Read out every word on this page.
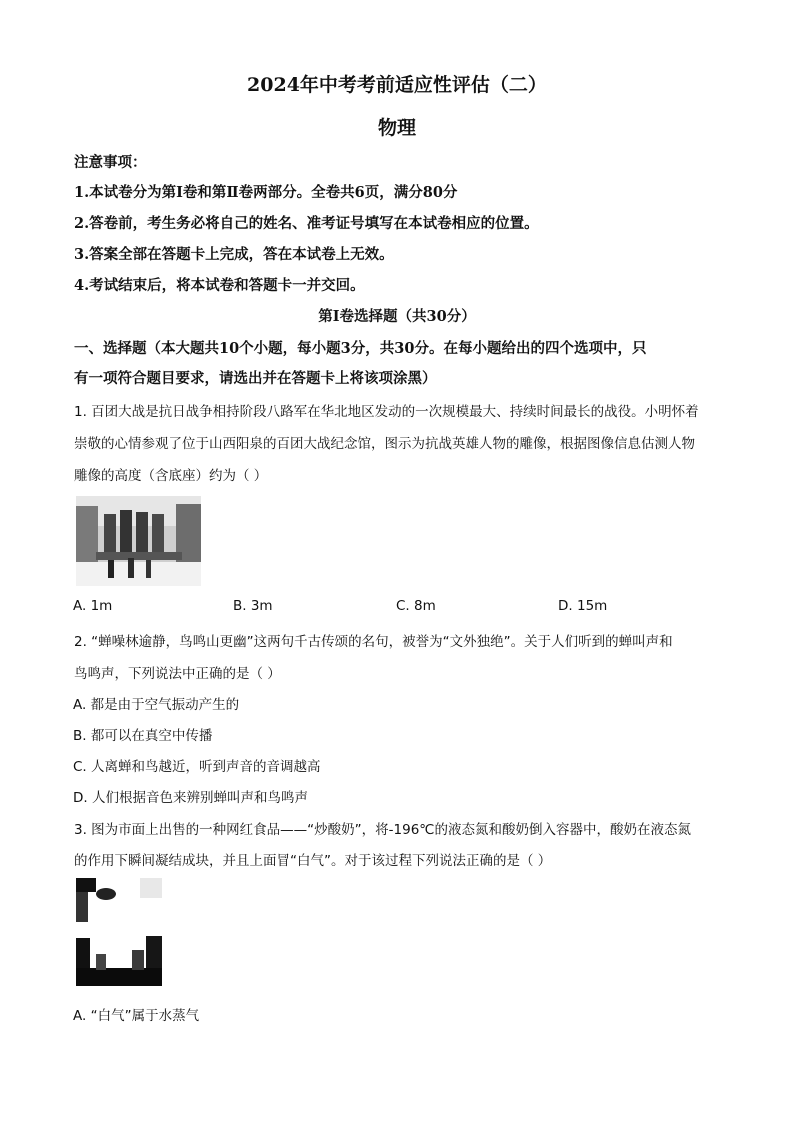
2024年中考考前适应性评估（二）
物理
注意事项：
1.本试卷分为第Ⅰ卷和第Ⅱ卷两部分。全卷共6页，满分80分
2.答卷前，考生务必将自己的姓名、准考证号填写在本试卷相应的位置。
3.答案全部在答题卡上完成，答在本试卷上无效。
4.考试结束后，将本试卷和答题卡一并交回。
第Ⅰ卷选择题（共30分）
一、选择题（本大题共10个小题，每小题3分，共30分。在每小题给出的四个选项中，只
有一项符合题目要求，请选出并在答题卡上将该项涂黑）
1. 百团大战是抗日战争相持阶段八路军在华北地区发动的一次规模最大、持续时间最长的战役。小明怀着
崇敬的心情参观了位于山西阳泉的百团大战纪念馆，图示为抗战英雄人物的雕像，根据图像信息估测人物
雕像的高度（含底座）约为（ ）
A. 1m	B. 3m	C. 8m	D. 15m
2. “蝉噪林逾静，鸟鸣山更幽”这两句千古传颂的名句，被誉为“文外独绝”。关于人们听到的蝉叫声和
鸟鸣声，下列说法中正确的是（ ）
A. 都是由于空气振动产生的
B. 都可以在真空中传播
C. 人离蝉和鸟越近，听到声音的音调越高
D. 人们根据音色来辨别蝉叫声和鸟鸣声
3. 图为市面上出售的一种网红食品——“炒酸奶”，将-196℃的液态氮和酸奶倒入容器中，酸奶在液态氮
的作用下瞬间凝结成块，并且上面冒“白气”。对于该过程下列说法正确的是（ ）
A. “白气”属于水蒸气
